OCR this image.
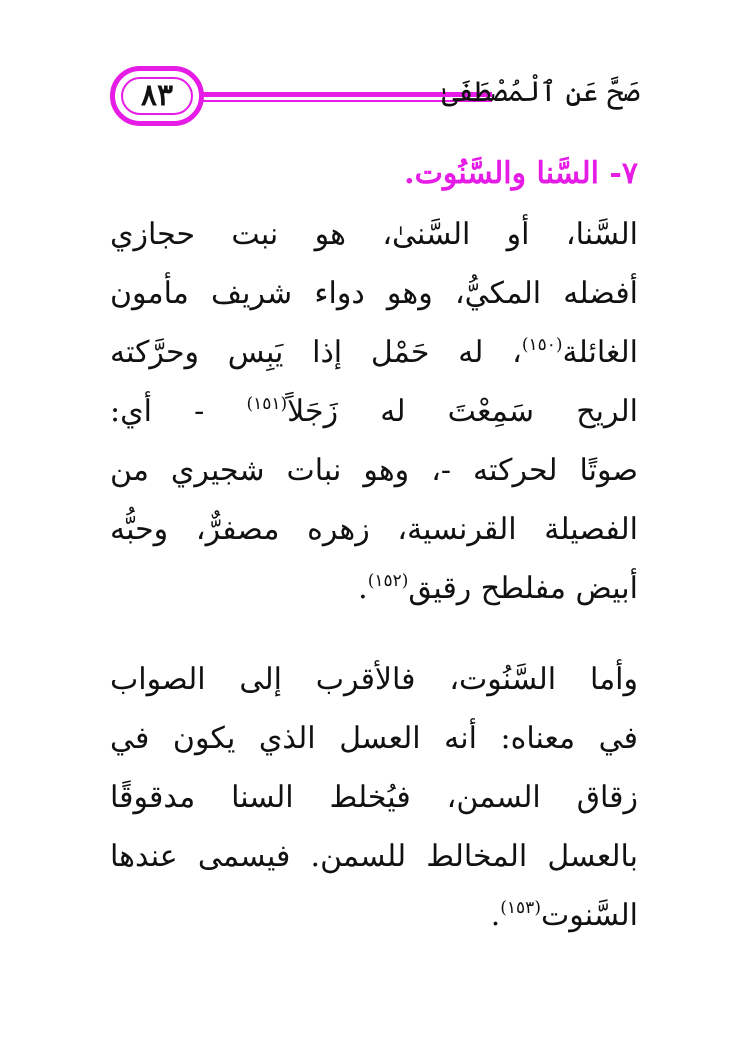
٨٣	صَحَّ عَنِ ٱلْمُصْطَفَىٰ
٧- السَّنا والسَّنُوت.
السَّنا، أو السَّنىٰ، هو نبت حجازي
أفضله المكيُّ، وهو دواء شريف مأمون
الغائلة$^{(١٥٠)}$، له حَمْل إذا يَبِس وحرَّكته
الريح سَمِعْتَ له زَجَلاً$^{(١٥١)}$ - أي:
صوتًا لحركته -، وهو نبات شجيري من
الفصيلة القرنسية، زهره مصفرٌّ، وحبُّه
أبيض مفلطح رقيق$^{(١٥٢)}$.
وأما السَّنُوت، فالأقرب إلى الصواب
في معناه: أنه العسل الذي يكون في
زقاق السمن، فيُخلط السنا مدقوقًا
بالعسل المخالط للسمن. فيسمى عندها
السَّنوت$^{(١٥٣)}$.
